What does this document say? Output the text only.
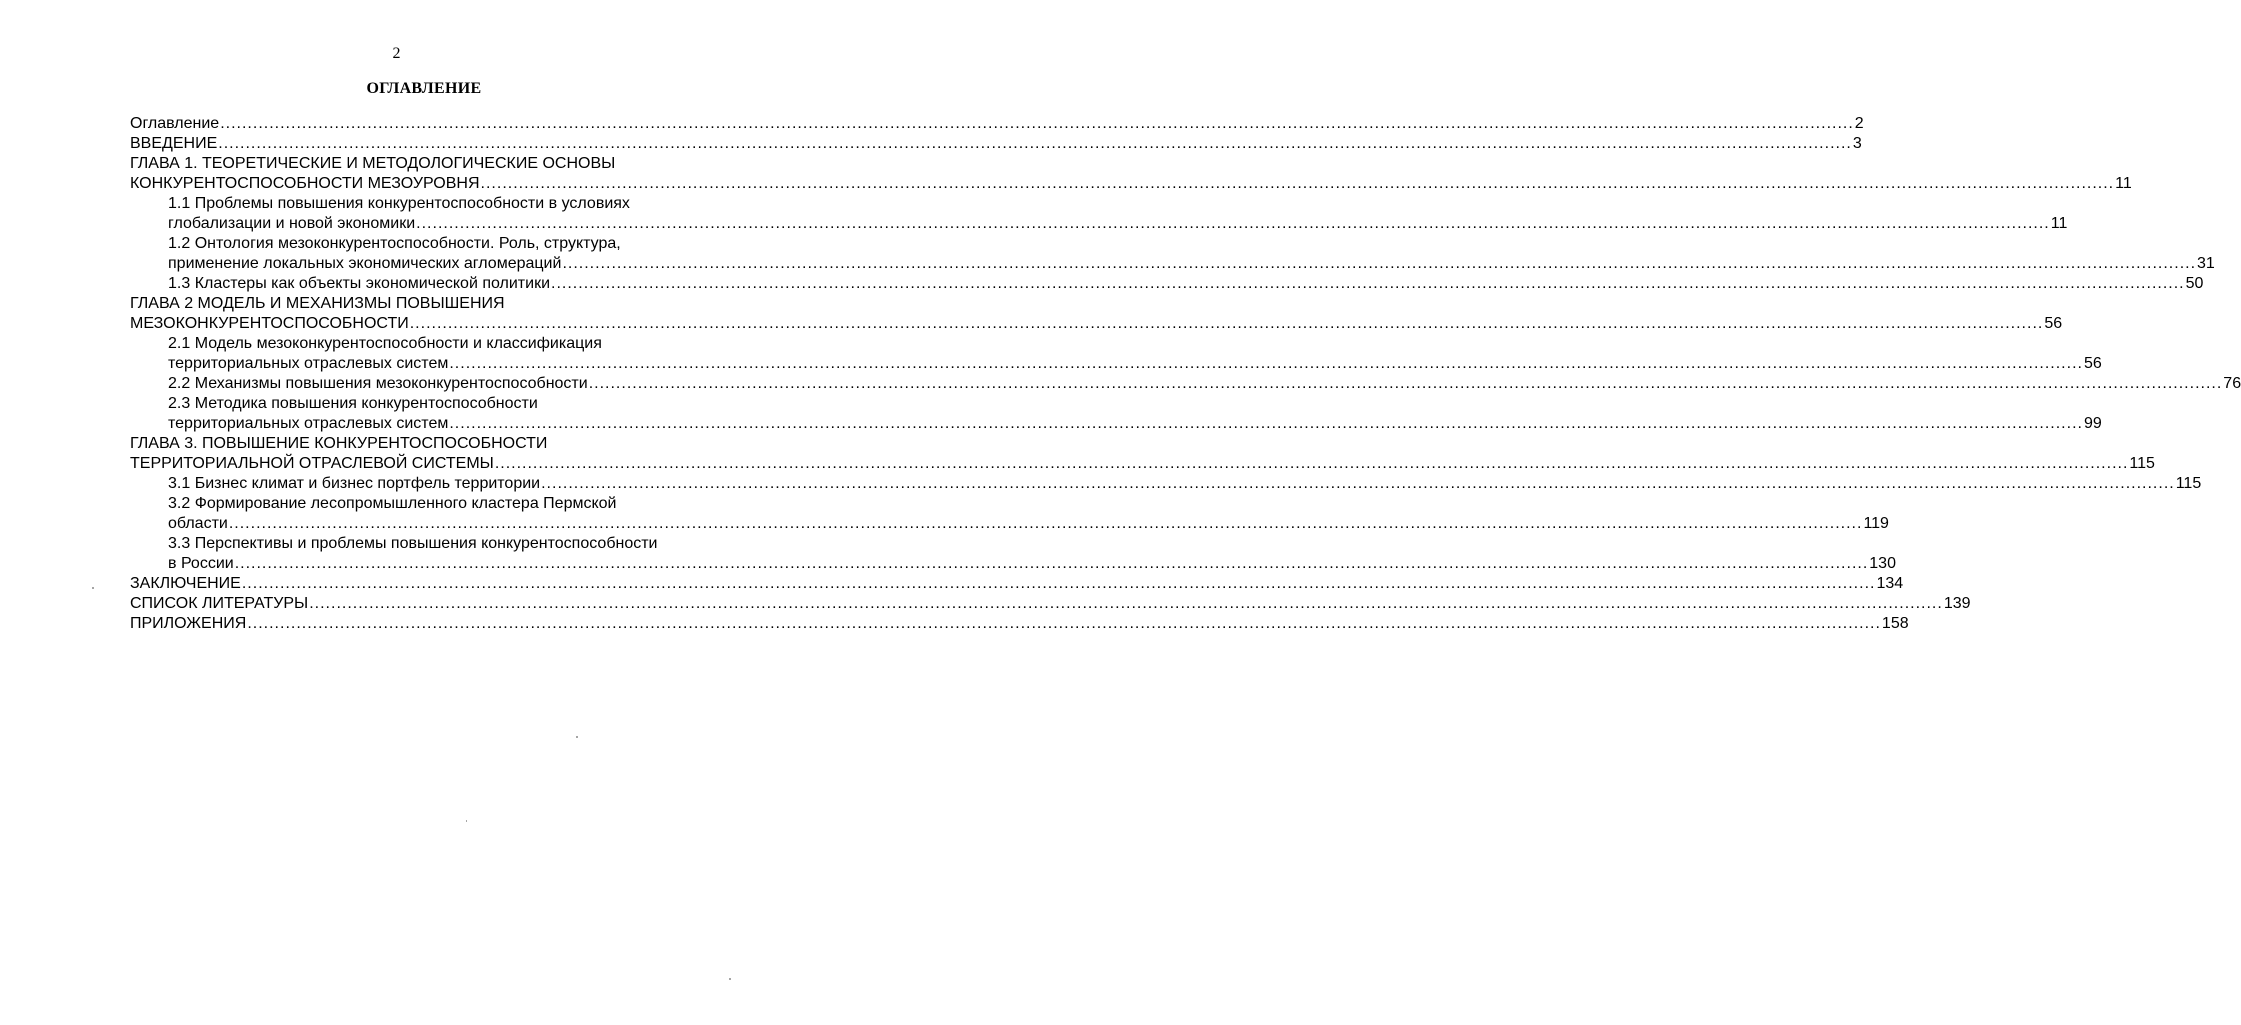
2
ОГЛАВЛЕНИЕ
Оглавление ............................................................................................................................................................................................................................................................................................................ 2
ВВЕДЕНИЕ ............................................................................................................................................................................................................................................................................................................ 3
ГЛАВА 1. ТЕОРЕТИЧЕСКИЕ И МЕТОДОЛОГИЧЕСКИЕ ОСНОВЫ
КОНКУРЕНТОСПОСОБНОСТИ МЕЗОУРОВНЯ ............................................................................................................................................................................................................................................................................................................ 11
1.1 Проблемы повышения конкурентоспособности в условиях
глобализации и новой экономики ............................................................................................................................................................................................................................................................................................................ 11
1.2 Онтология мезоконкурентоспособности. Роль, структура,
применение локальных экономических агломераций ............................................................................................................................................................................................................................................................................................................ 31
1.3 Кластеры как объекты экономической политики ............................................................................................................................................................................................................................................................................................................ 50
ГЛАВА 2 МОДЕЛЬ И МЕХАНИЗМЫ ПОВЫШЕНИЯ
МЕЗОКОНКУРЕНТОСПОСОБНОСТИ ............................................................................................................................................................................................................................................................................................................ 56
2.1 Модель мезоконкурентоспособности и классификация
территориальных отраслевых систем ............................................................................................................................................................................................................................................................................................................ 56
2.2 Механизмы повышения мезоконкурентоспособности ............................................................................................................................................................................................................................................................................................................ 76
2.3 Методика повышения конкурентоспособности
территориальных отраслевых систем ............................................................................................................................................................................................................................................................................................................ 99
ГЛАВА 3. ПОВЫШЕНИЕ КОНКУРЕНТОСПОСОБНОСТИ
ТЕРРИТОРИАЛЬНОЙ ОТРАСЛЕВОЙ СИСТЕМЫ ............................................................................................................................................................................................................................................................................................................ 115
3.1 Бизнес климат и бизнес портфель территории ............................................................................................................................................................................................................................................................................................................ 115
3.2 Формирование лесопромышленного кластера Пермской
области ............................................................................................................................................................................................................................................................................................................ 119
3.3 Перспективы и проблемы повышения конкурентоспособности
в России ............................................................................................................................................................................................................................................................................................................ 130
ЗАКЛЮЧЕНИЕ ............................................................................................................................................................................................................................................................................................................ 134
СПИСОК ЛИТЕРАТУРЫ ............................................................................................................................................................................................................................................................................................................ 139
ПРИЛОЖЕНИЯ ............................................................................................................................................................................................................................................................................................................ 158
